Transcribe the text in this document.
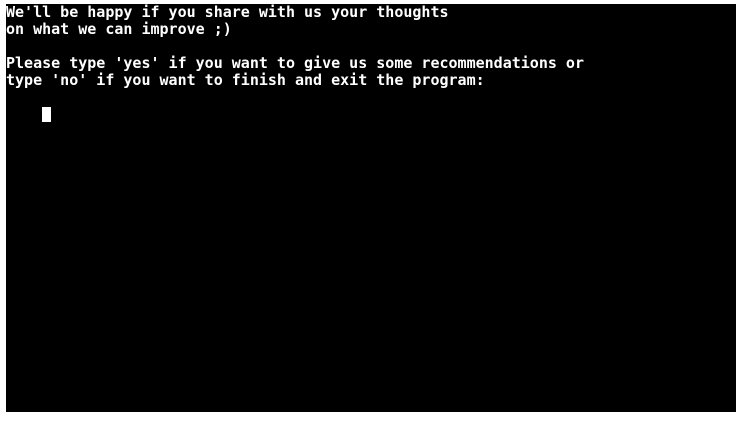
We'll be happy if you share with us your thoughts
on what we can improve ;)
Please type 'yes' if you want to give us some recommendations or
type 'no' if you want to finish and exit the program:
